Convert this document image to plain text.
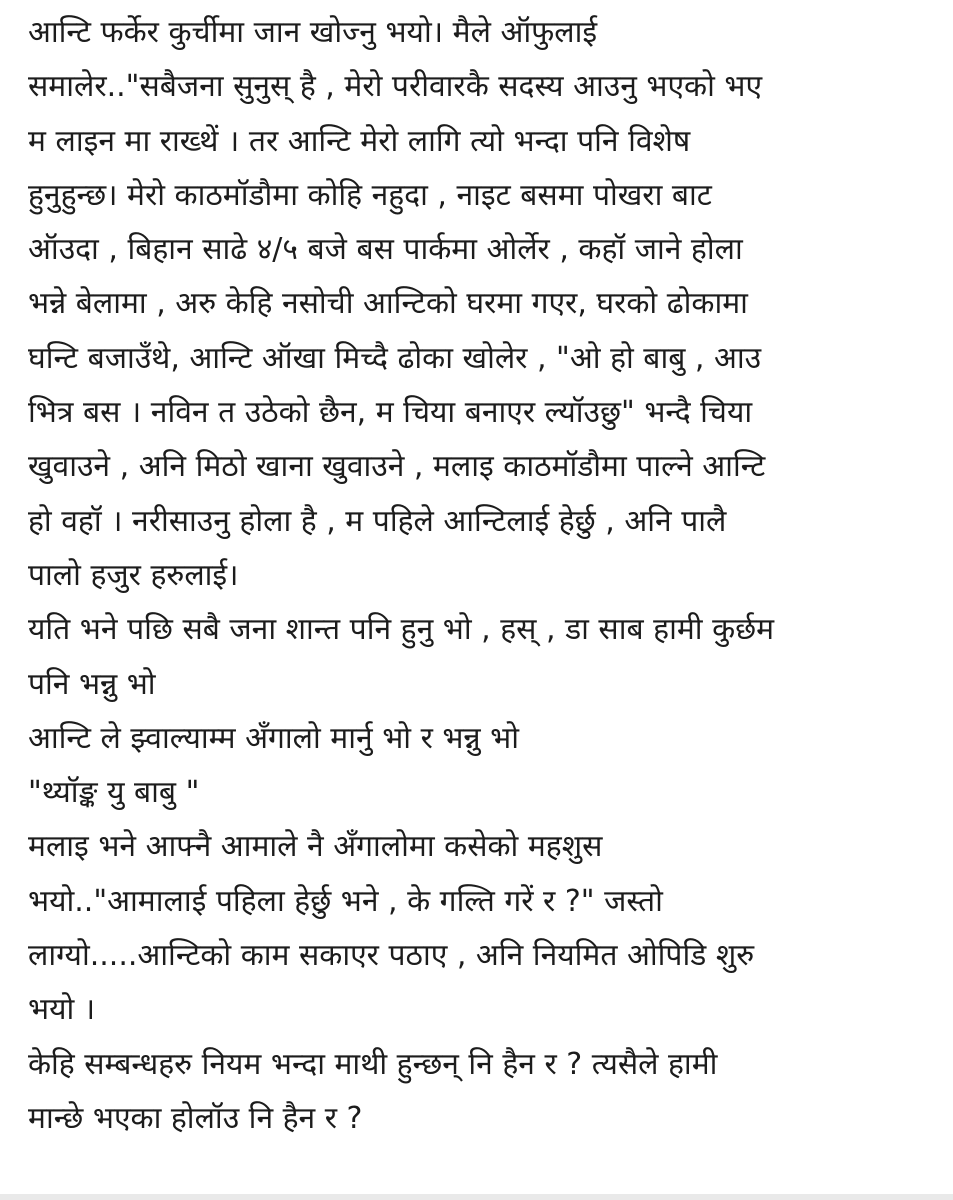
आन्टि फर्केर कुर्चीमा जान खोज्नु भयो। मैले ऑफुलाई
समालेर.."सबैजना सुनुस् है , मेरो परीवारकै सदस्य आउनु भएको भए
म लाइन मा राख्थें । तर आन्टि मेरो लागि त्यो भन्दा पनि विशेष
हुनुहुन्छ। मेरो काठमॉडौमा कोहि नहुदा , नाइट बसमा पोखरा बाट
ऑउदा , बिहान साढे ४/५ बजे बस पार्कमा ओर्लेर , कहॉ जाने होला
भन्ने बेलामा , अरु केहि नसोची आन्टिको घरमा गएर, घरको ढोकामा
घन्टि बजाउँथे, आन्टि ऑखा मिच्दै ढोका खोलेर , "ओ हो बाबु , आउ
भित्र बस । नविन त उठेको छैन, म चिया बनाएर ल्यॉउछु" भन्दै चिया
खुवाउने , अनि मिठो खाना खुवाउने , मलाइ काठमॉडौमा पाल्ने आन्टि
हो वहॉ । नरीसाउनु होला है , म पहिले आन्टिलाई हेर्छु , अनि पालै
पालो हजुर हरुलाई।
यति भने पछि सबै जना शान्त पनि हुनु भो , हस् , डा साब हामी कुर्छम
पनि भन्नु भो
आन्टि ले झ्वाल्याम्म अँगालो मार्नु भो र भन्नु भो
"थ्यॉङ्क यु बाबु "
मलाइ भने आफ्नै आमाले नै अँगालोमा कसेको महशुस
भयो.."आमालाई पहिला हेर्छु भने , के गल्ति गरें र ?" जस्तो
लाग्यो.....आन्टिको काम सकाएर पठाए , अनि नियमित ओपिडि शुरु
भयो ।
केहि सम्बन्धहरु नियम भन्दा माथी हुन्छन् नि हैन र ? त्यसैले हामी
मान्छे भएका होलॉउ नि हैन र ?
